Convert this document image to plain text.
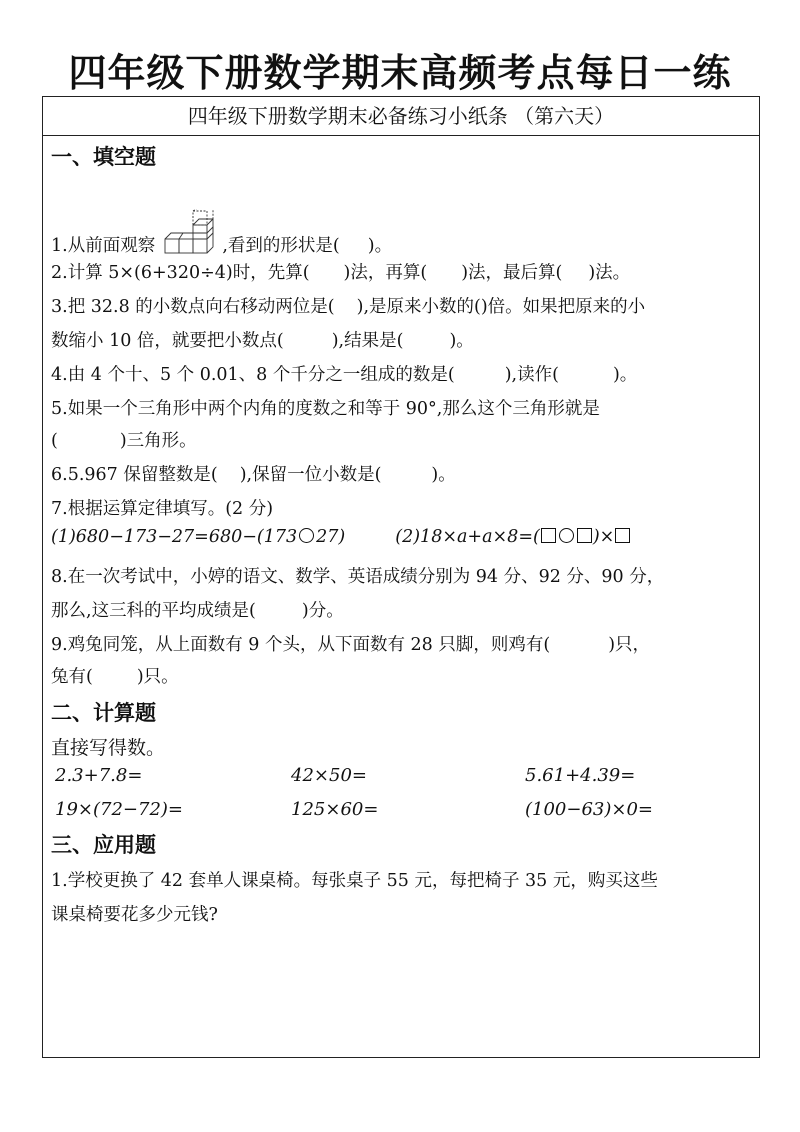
四年级下册数学期末高频考点每日一练
四年级下册数学期末必备练习小纸条 （第六天）
一、填空题
1.从前面观察	,看到的形状是( )。
2.计算 5×(6+320÷4)时，先算( )法，再算( )法，最后算( )法。
3.把 32.8 的小数点向右移动两位是( ),是原来小数的()倍。如果把原来的小
数缩小 10 倍，就要把小数点(	),结果是(	)。
4.由 4 个十、5 个 0.01、8 个千分之一组成的数是(	),读作(	)。
5.如果一个三角形中两个内角的度数之和等于 90°,那么这个三角形就是
(	)三角形。
6.5.967 保留整数是( ),保留一位小数是(	)。
7.根据运算定律填写。(2 分)
(1)680−173−27=680−(173 27)	(2)18×a+a×8=(	)×
8.在一次考试中，小婷的语文、数学、英语成绩分别为 94 分、92 分、90 分，
那么,这三科的平均成绩是(	)分。
9.鸡兔同笼，从上面数有 9 个头，从下面数有 28 只脚，则鸡有(	)只，
兔有(	)只。
二、计算题
直接写得数。
2.3+7.8=	42×50=	5.61+4.39=
19×(72−72)=	125×60=	(100−63)×0=
三、应用题
1.学校更换了 42 套单人课桌椅。每张桌子 55 元，每把椅子 35 元，购买这些
课桌椅要花多少元钱?
